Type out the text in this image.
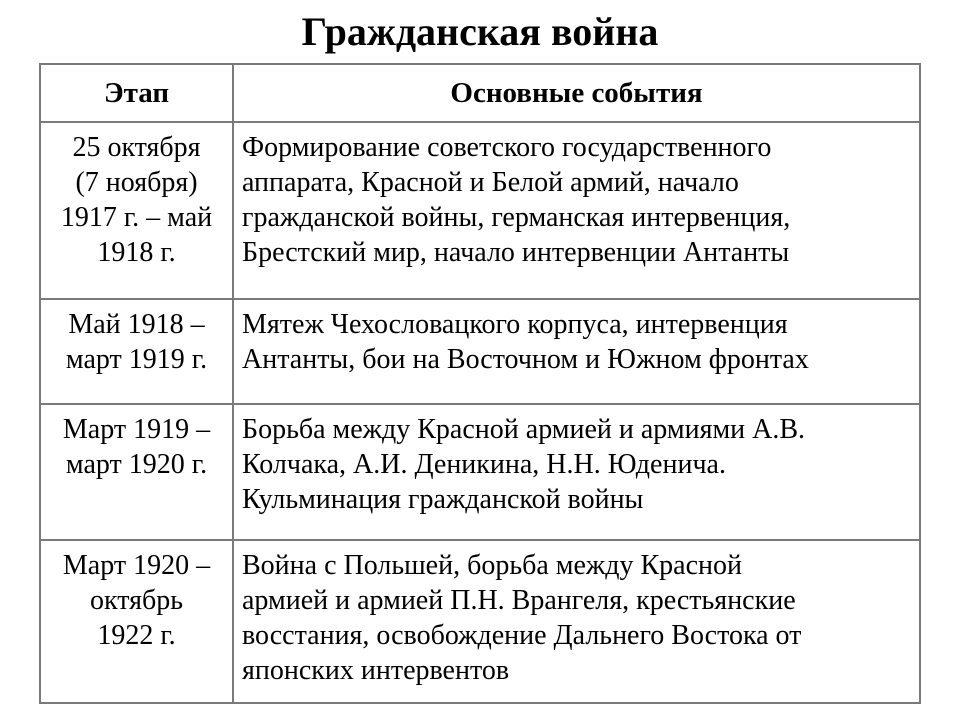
Гражданская война
Этап	Основные события

25 октября
(7 ноября)
1917 г. – май
1918 г.	Формирование советского государственного
аппарата, Красной и Белой армий, начало
гражданской войны, германская интервенция,
Брестский мир, начало интервенции Антанты

Май 1918 –
март 1919 г.	Мятеж Чехословацкого корпуса, интервенция
Антанты, бои на Восточном и Южном фронтах

Март 1919 –
март 1920 г.	Борьба между Красной армией и армиями А.В.
Колчака, А.И. Деникина, Н.Н. Юденича.
Кульминация гражданской войны

Март 1920 –
октябрь
1922 г.	Война с Польшей, борьба между Красной
армией и армией П.Н. Врангеля, крестьянские
восстания, освобождение Дальнего Востока от
японских интервентов
